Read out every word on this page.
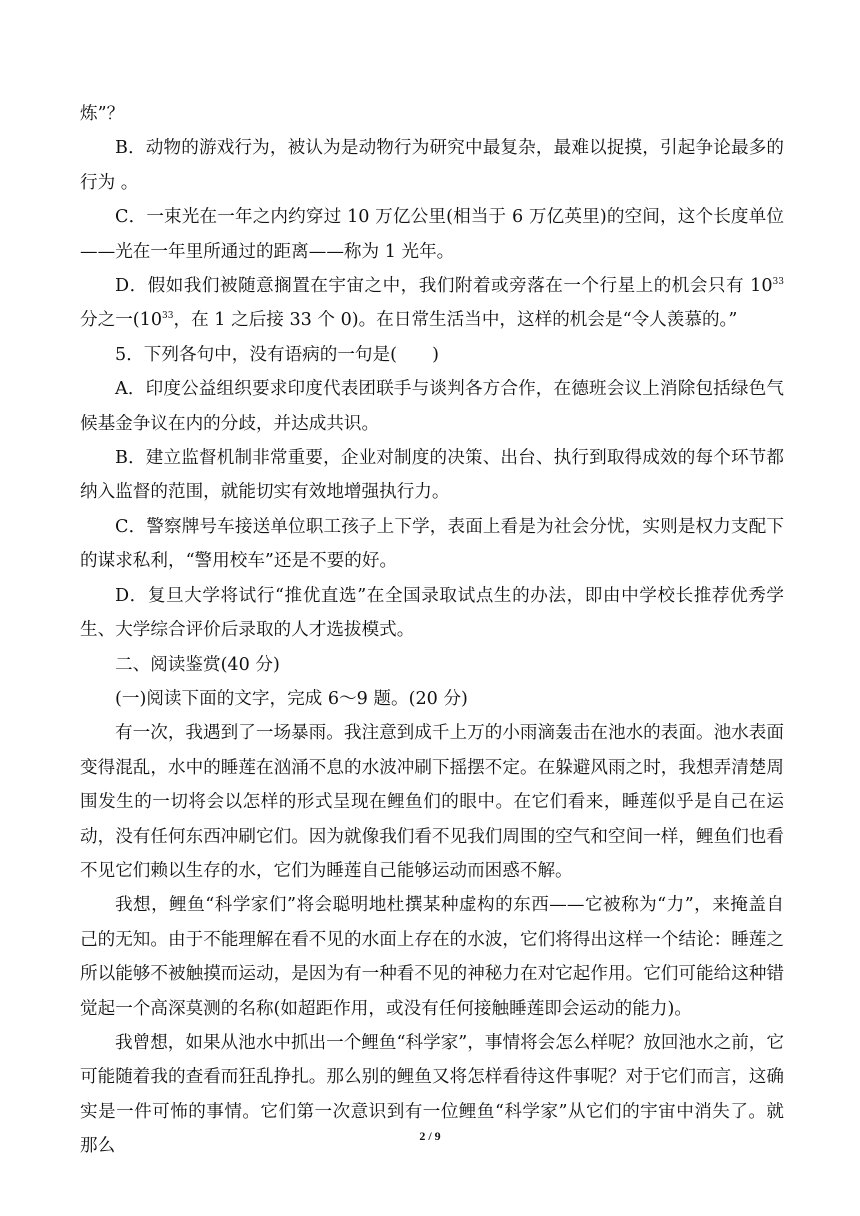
炼”？

B．动物的游戏行为，被认为是动物行为研究中最复杂，最难以捉摸，引起争论最多的行为 。

C．一束光在一年之内约穿过 10 万亿公里(相当于 6 万亿英里)的空间，这个长度单位——光在一年里所通过的距离——称为 1 光年。

D．假如我们被随意搁置在宇宙之中，我们附着或旁落在一个行星上的机会只有 $10^{33}$ 分之一($10^{33}$，在 1 之后接 33 个 0)。在日常生活当中，这样的机会是“令人羡慕的。”

5．下列各句中，没有语病的一句是(　　)

A．印度公益组织要求印度代表团联手与谈判各方合作，在德班会议上消除包括绿色气候基金争议在内的分歧，并达成共识。

B．建立监督机制非常重要，企业对制度的决策、出台、执行到取得成效的每个环节都纳入监督的范围，就能切实有效地增强执行力。

C．警察牌号车接送单位职工孩子上下学，表面上看是为社会分忧，实则是权力支配下的谋求私利，“警用校车”还是不要的好。

D．复旦大学将试行“推优直选”在全国录取试点生的办法，即由中学校长推荐优秀学生、大学综合评价后录取的人才选拔模式。

二、阅读鉴赏(40 分)

(一)阅读下面的文字，完成 6～9 题。(20 分)

有一次，我遇到了一场暴雨。我注意到成千上万的小雨滴轰击在池水的表面。池水表面变得混乱，水中的睡莲在汹涌不息的水波冲刷下摇摆不定。在躲避风雨之时，我想弄清楚周围发生的一切将会以怎样的形式呈现在鲤鱼们的眼中。在它们看来，睡莲似乎是自己在运动，没有任何东西冲刷它们。因为就像我们看不见我们周围的空气和空间一样，鲤鱼们也看不见它们赖以生存的水，它们为睡莲自己能够运动而困惑不解。

我想，鲤鱼“科学家们”将会聪明地杜撰某种虚构的东西——它被称为“力”，来掩盖自己的无知。由于不能理解在看不见的水面上存在的水波，它们将得出这样一个结论：睡莲之所以能够不被触摸而运动，是因为有一种看不见的神秘力在对它起作用。它们可能给这种错觉起一个高深莫测的名称(如超距作用，或没有任何接触睡莲即会运动的能力)。

我曾想，如果从池水中抓出一个鲤鱼“科学家”，事情将会怎么样呢？放回池水之前，它可能随着我的查看而狂乱挣扎。那么别的鲤鱼又将怎样看待这件事呢？对于它们而言，这确实是一件可怖的事情。它们第一次意识到有一位鲤鱼“科学家”从它们的宇宙中消失了。就那么

2 / 9
